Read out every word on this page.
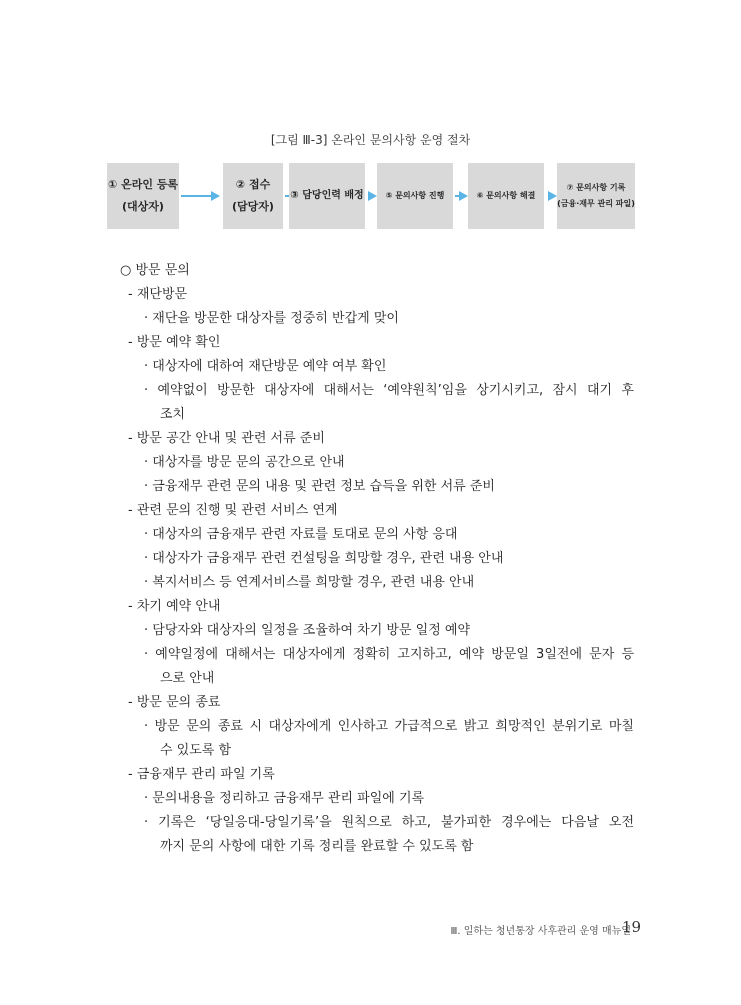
[그림 Ⅲ-3] 온라인 문의사항 운영 절차
① 온라인 등록
(대상자)
② 접수
(담당자)
③ 담당인력 배정	⑤ 문의사항 진행	⑥ 문의사항 해결
⑦ 문의사항 기록
(금융·재무 관리 파일)
○ 방문 문의
- 재단방문
· 재단을 방문한 대상자를 정중히 반갑게 맞이
- 방문 예약 확인
· 대상자에 대하여 재단방문 예약 여부 확인
· 예약없이 방문한 대상자에 대해서는 ‘예약원칙’임을 상기시키고, 잠시 대기 후
조치
- 방문 공간 안내 및 관련 서류 준비
· 대상자를 방문 문의 공간으로 안내
· 금융재무 관련 문의 내용 및 관련 정보 습득을 위한 서류 준비
- 관련 문의 진행 및 관련 서비스 연계
· 대상자의 금융재무 관련 자료를 토대로 문의 사항 응대
· 대상자가 금융재무 관련 컨설팅을 희망할 경우, 관련 내용 안내
· 복지서비스 등 연계서비스를 희망할 경우, 관련 내용 안내
- 차기 예약 안내
· 담당자와 대상자의 일정을 조율하여 차기 방문 일정 예약
· 예약일정에 대해서는 대상자에게 정확히 고지하고, 예약 방문일 3일전에 문자 등
으로 안내
- 방문 문의 종료
· 방문 문의 종료 시 대상자에게 인사하고 가급적으로 밝고 희망적인 분위기로 마칠
수 있도록 함
- 금융재무 관리 파일 기록
· 문의내용을 정리하고 금융재무 관리 파일에 기록
· 기록은 ‘당일응대-당일기록’을 원칙으로 하고, 불가피한 경우에는 다음날 오전
까지 문의 사항에 대한 기록 정리를 완료할 수 있도록 함
Ⅲ. 일하는 청년통장 사후관리 운영 매뉴얼
19
